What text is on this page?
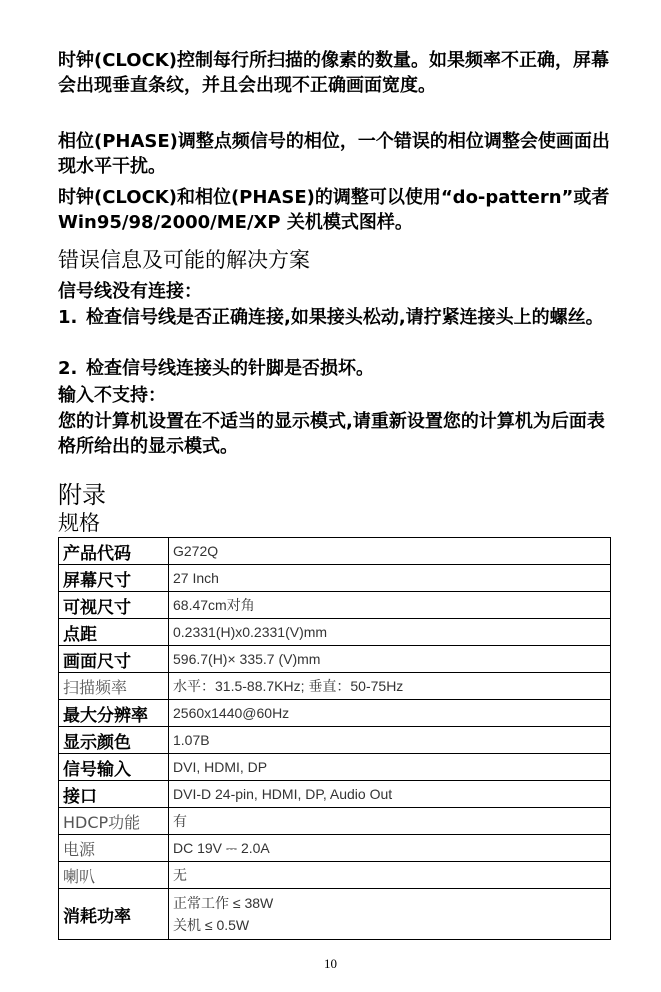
时钟(CLOCK)控制每行所扫描的像素的数量。如果频率不正确，屏幕会出现垂直条纹，并且会出现不正确画面宽度。

相位(PHASE)调整点频信号的相位，一个错误的相位调整会使画面出现水平干扰。

时钟(CLOCK)和相位(PHASE)的调整可以使用“do-pattern”或者 Win95/98/2000/ME/XP 关机模式图样。

错误信息及可能的解决方案

信号线没有连接：

1. 检查信号线是否正确连接,如果接头松动,请拧紧连接头上的螺丝。
2. 检查信号线连接头的针脚是否损坏。

输入不支持：

您的计算机设置在不适当的显示模式,请重新设置您的计算机为后面表格所给出的显示模式。

附录
规格
产品代码	G272Q
屏幕尺寸	27 Inch
可视尺寸	68.47cm对角
点距	0.2331(H)x0.2331(V)mm
画面尺寸	596.7(H)× 335.7 (V)mm
扫描频率	水平：31.5-88.7KHz; 垂直：50-75Hz
最大分辨率	2560x1440@60Hz
显示颜色	1.07B
信号输入	DVI, HDMI, DP
接口	DVI-D 24-pin, HDMI, DP, Audio Out
HDCP功能	有
电源	DC 19V ⎓ 2.0A
喇叭	无
消耗功率	正常工作 ≤ 38W
关机 ≤ 0.5W
10
